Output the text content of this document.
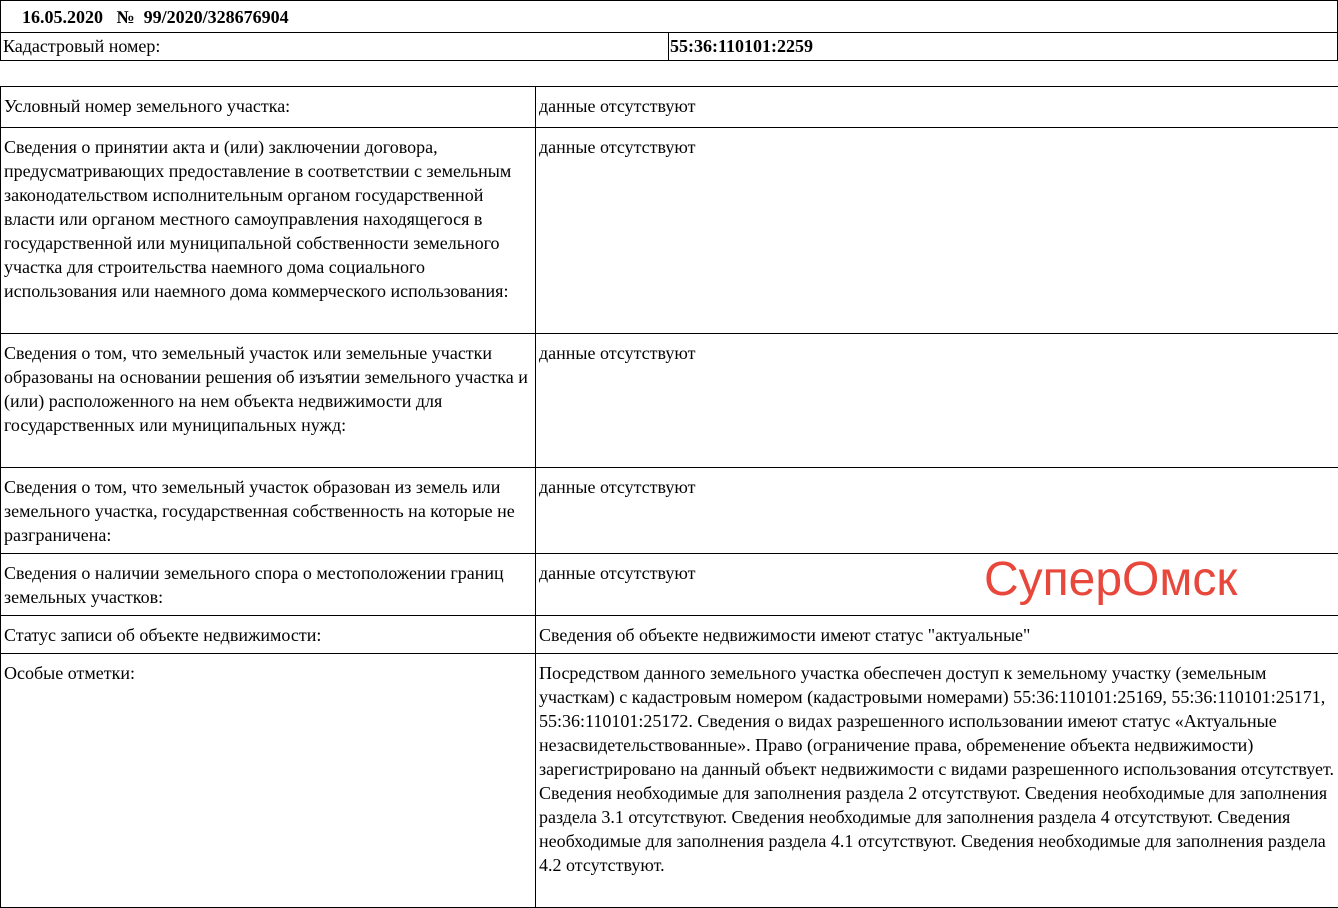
16.05.2020 № 99/2020/328676904
Кадастровый номер:	55:36:110101:2259
Условный номер земельного участка:	данные отсутствуют
Сведения о принятии акта и (или) заключении договора, предусматривающих предоставление в соответствии с земельным законодательством исполнительным органом государственной власти или органом местного самоуправления находящегося в государственной или муниципальной собственности земельного участка для строительства наемного дома социального использования или наемного дома коммерческого использования:	данные отсутствуют
Сведения о том, что земельный участок или земельные участки образованы на основании решения об изъятии земельного участка и (или) расположенного на нем объекта недвижимости для государственных или муниципальных нужд:	данные отсутствуют
Сведения о том, что земельный участок образован из земель или земельного участка, государственная собственность на которые не разграничена:	данные отсутствуют
Сведения о наличии земельного спора о местоположении границ земельных участков:	данные отсутствуют
Статус записи об объекте недвижимости:	Сведения об объекте недвижимости имеют статус "актуальные"
Особые отметки:	Посредством данного земельного участка обеспечен доступ к земельному участку (земельным участкам) с кадастровым номером (кадастровыми номерами) 55:36:110101:25169, 55:36:110101:25171, 55:36:110101:25172. Сведения о видах разрешенного использовании имеют статус «Актуальные незасвидетельствованные». Право (ограничение права, обременение объекта недвижимости) зарегистрировано на данный объект недвижимости с видами разрешенного использования отсутствует. Сведения необходимые для заполнения раздела 2 отсутствуют. Сведения необходимые для заполнения раздела 3.1 отсутствуют. Сведения необходимые для заполнения раздела 4 отсутствуют. Сведения необходимые для заполнения раздела 4.1 отсутствуют. Сведения необходимые для заполнения раздела 4.2 отсутствуют.
СуперОмск
